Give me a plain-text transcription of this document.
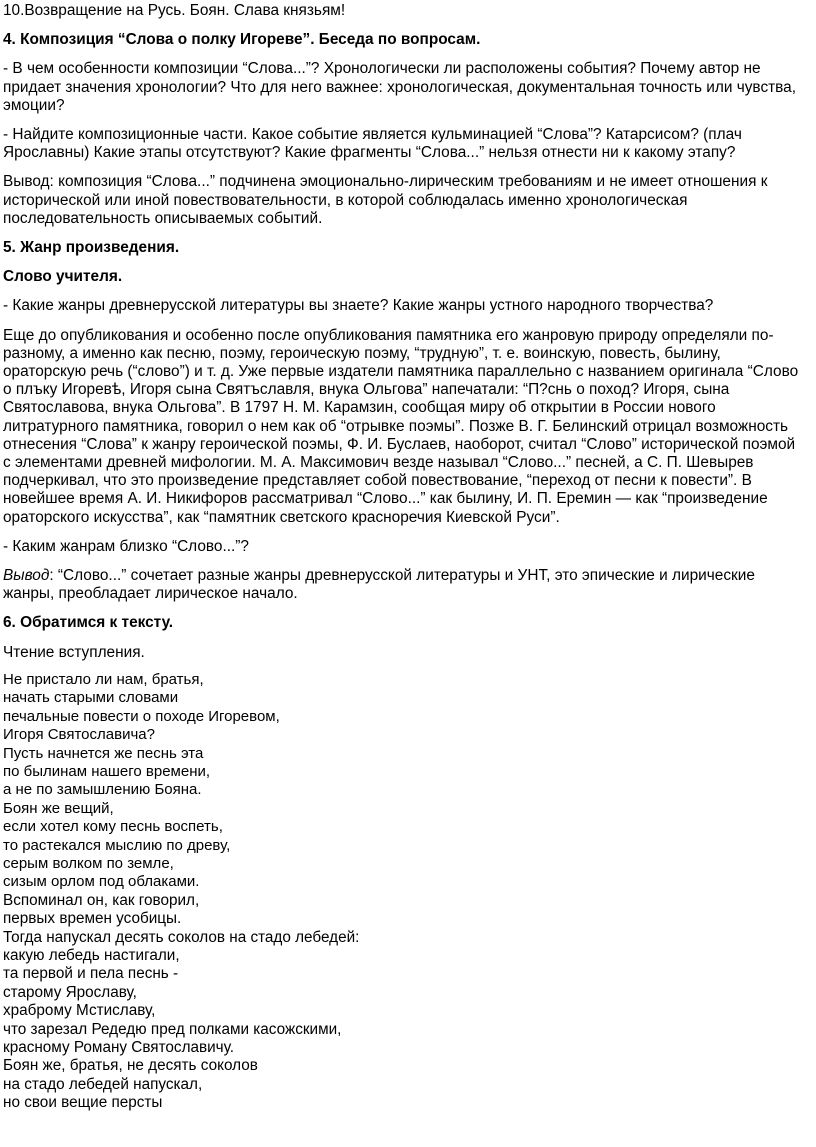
10.Возвращение на Русь. Боян. Слава князьям!

4. Композиция “Слова о полку Игореве”. Беседа по вопросам.

- В чем особенности композиции “Слова...”? Хронологически ли расположены события? Почему автор не
придает значения хронологии? Что для него важнее: хронологическая, документальная точность или чувства,
эмоции?

- Найдите композиционные части. Какое событие является кульминацией “Слова”? Катарсисом? (плач
Ярославны) Какие этапы отсутствуют? Какие фрагменты “Слова...” нельзя отнести ни к какому этапу?

Вывод: композиция “Слова...” подчинена эмоционально-лирическим требованиям и не имеет отношения к
исторической или иной повествовательности, в которой соблюдалась именно хронологическая
последовательность описываемых событий.

5. Жанр произведения.

Слово учителя.

- Какие жанры древнерусской литературы вы знаете? Какие жанры устного народного творчества?

Еще до опубликования и особенно после опубликования памятника его жанровую природу определяли по-
разному, а именно как песню, поэму, героическую поэму, “трудную”, т. е. воинскую, повесть, былину,
ораторскую речь (“слово”) и т. д. Уже первые издатели памятника параллельно с названием оригинала “Слово
о плъку Игоревѣ, Игоря сына Святъславля, внука Ольгова” напечатали: “П?снь о поход? Игоря, сына
Святославова, внука Ольгова”. В 1797 Н. М. Карамзин, сообщая миру об открытии в России нового
литратурного памятника, говорил о нем как об “отрывке поэмы”. Позже В. Г. Белинский отрицал возможность
отнесения “Слова” к жанру героической поэмы, Ф. И. Буслаев, наоборот, считал “Слово” исторической поэмой
с элементами древней мифологии. М. А. Максимович везде называл “Слово...” песней, а С. П. Шевырев
подчеркивал, что это произведение представляет собой повествование, “переход от песни к повести”. В
новейшее время А. И. Никифоров рассматривал “Слово...” как былину, И. П. Еремин — как “произведение
ораторского искусства”, как “памятник светского красноречия Киевской Руси”.

- Каким жанрам близко “Слово...”?

Вывод: “Слово...” сочетает разные жанры древнерусской литературы и УНТ, это эпические и лирические
жанры, преобладает лирическое начало.

6. Обратимся к тексту.

Чтение вступления.

Не пристало ли нам, братья,
начать старыми словами
печальные повести о походе Игоревом,
Игоря Святославича?
Пусть начнется же песнь эта
по былинам нашего времени,
а не по замышлению Бояна.
Боян же вещий,
если хотел кому песнь воспеть,
то растекался мыслию по древу,
серым волком по земле,
сизым орлом под облаками.
Вспоминал он, как говорил,
первых времен усобицы.
Тогда напускал десять соколов на стадо лебедей:
какую лебедь настигали,
та первой и пела песнь -
старому Ярославу,
храброму Мстиславу,
что зарезал Редедю пред полками касожскими,
красному Роману Святославичу.
Боян же, братья, не десять соколов
на стадо лебедей напускал,
но свои вещие персты
